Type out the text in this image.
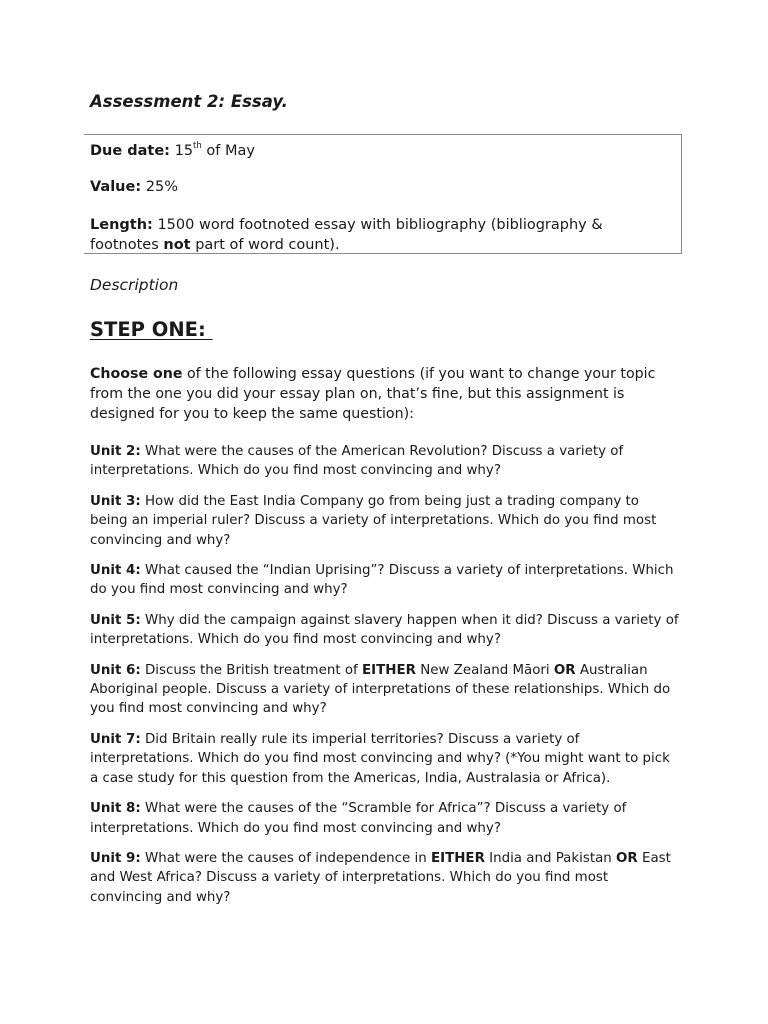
Assessment 2: Essay.
Due date: 15th of May
Value: 25%
Length: 1500 word footnoted essay with bibliography (bibliography & footnotes not part of word count).
Description
STEP ONE:

Choose one of the following essay questions (if you want to change your topic from the one you did your essay plan on, that’s fine, but this assignment is designed for you to keep the same question):

Unit 2: What were the causes of the American Revolution? Discuss a variety of interpretations. Which do you find most convincing and why?
Unit 3: How did the East India Company go from being just a trading company to being an imperial ruler? Discuss a variety of interpretations. Which do you find most convincing and why?
Unit 4: What caused the “Indian Uprising”? Discuss a variety of interpretations. Which do you find most convincing and why?
Unit 5: Why did the campaign against slavery happen when it did? Discuss a variety of interpretations. Which do you find most convincing and why?
Unit 6: Discuss the British treatment of EITHER New Zealand Māori OR Australian Aboriginal people. Discuss a variety of interpretations of these relationships. Which do you find most convincing and why?
Unit 7: Did Britain really rule its imperial territories? Discuss a variety of interpretations. Which do you find most convincing and why? (*You might want to pick a case study for this question from the Americas, India, Australasia or Africa).
Unit 8: What were the causes of the “Scramble for Africa”? Discuss a variety of interpretations. Which do you find most convincing and why?
Unit 9: What were the causes of independence in EITHER India and Pakistan OR East and West Africa? Discuss a variety of interpretations. Which do you find most convincing and why?
